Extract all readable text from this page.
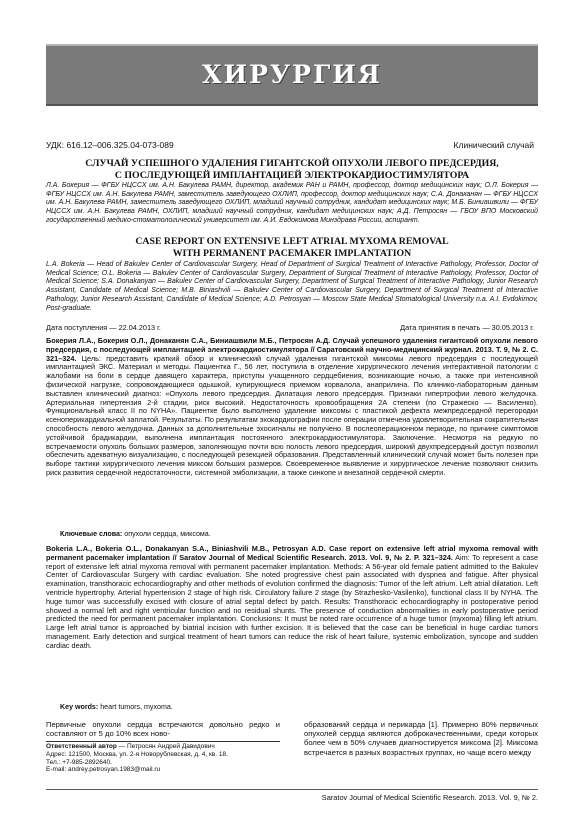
ХИРУРГИЯ

УДК: 616.12–006.325.04-073-089	Клинический случай

СЛУЧАЙ УСПЕШНОГО УДАЛЕНИЯ ГИГАНТСКОЙ ОПУХОЛИ ЛЕВОГО ПРЕДСЕРДИЯ,
С ПОСЛЕДУЮЩЕЙ ИМПЛАНТАЦИЕЙ ЭЛЕКТРОКАРДИОСТИМУЛЯТОРА

Л.А. Бокерия — ФГБУ НЦССХ им. А.Н. Бакулева РАМН, директор, академик РАН и РАМН, профессор, доктор медицинских наук; О.Л. Бокерия — ФГБУ НЦССХ им. А.Н. Бакулева РАМН, заместитель заведующего ОХЛИП, профессор, доктор медицинских наук; С.А. Донаканян — ФГБУ НЦССХ им. А.Н. Бакулева РАМН, заместитель заведующего ОХЛИП, младший научный сотрудник, кандидат медицинских наук; М.Б. Биниашвили — ФГБУ НЦССХ им. А.Н. Бакулева РАМН, ОХЛИП, младший научный сотрудник, кандидат медицинских наук; А.Д. Петросян — ГБОУ ВПО Московский государственный медико-стоматологический университет им. А.И. Евдокимова Минздрава России, аспирант.

CASE REPORT ON EXTENSIVE LEFT ATRIAL MYXOMA REMOVAL
WITH PERMANENT PACEMAKER IMPLANTATION

L.A. Bokeria — Head of Bakulev Center of Cardiovascular Surgery, Head of Department of Surgical Treatment of Interactive Pathology, Professor, Doctor of Medical Science; O.L. Bokeria — Bakulev Center of Cardiovascular Surgery, Department of Surgical Treatment of Interactive Pathology, Professor, Doctor of Medical Science; S.A. Donakanyan — Bakulev Center of Cardiovascular Surgery, Department of Surgical Treatment of Interactive Pathology, Junior Research Assistant, Candidate of Medical Science; M.B. Biniashvili — Bakulev Center of Cardiovascular Surgery, Department of Surgical Treatment of Interactive Pathology, Junior Research Assistant, Candidate of Medical Science; A.D. Petrosyan — Moscow State Medical Stomatological University n.a. A.I. Evdokimov, Post-graduate.

Дата поступления — 22.04.2013 г.	Дата принятия в печать — 30.05.2013 г.

Бокерия Л.А., Бокерия О.Л., Донаканян С.А., Биниашвили М.Б., Петросян А.Д. Случай успешного удаления гигантской опухоли левого предсердия, с последующей имплантацией электрокардиостимулятора // Саратовский научно-медицинский журнал. 2013. Т. 9, № 2. С. 321–324. Цель: представить краткий обзор и клинический случай удаления гигантской миксомы левого предсердия с последующей имплантацией ЭКС. Материал и методы. Пациентка Г., 56 лет, поступила в отделение хирургического лечения интерактивной патологии с жалобами на боли в сердце давящего характера, приступы учащенного сердцебиения, возникающие ночью, а также при интенсивной физической нагрузке, сопровождающиеся одышкой, купирующиеся приемом корвалола, анаприлина. По клинико-лабораторным данным выставлен клинический диагноз: «Опухоль левого предсердия. Дилатация левого предсердия. Признаки гипертрофии левого желудочка. Артериальная гипертензия 2-й стадии, риск высокий. Недостаточность кровообращения 2А степени (по Стражеско — Василенко). Функциональный класс II по NYHA». Пациентке было выполнено удаление миксомы с пластикой дефекта межпредсердной перегородки ксеноперикардиальной заплатой. Результаты. По результатам эхокардиографии после операции отмечена удовлетворительная сократительная способность левого желудочка. Данных за дополнительные эхосигналы не получено. В послеоперационном периоде, по причине симптомов устойчивой брадикардии, выполнена имплантация постоянного электрокардиостимулятора. Заключение. Несмотря на редкую по встречаемости опухоль больших размеров, заполняющую почти всю полость левого предсердия, широкий двухпредсердный доступ позволил обеспечить адекватную визуализацию, с последующей резекцией образования. Представленный клинический случай может быть полезен при выборе тактики хирургического лечения миксом больших размеров. Своевременное выявление и хирургическое лечение позволяют снизить риск развития сердечной недостаточности, системной эмболизации, а также синкопе и внезапной сердечной смерти.

Ключевые слова: опухоли сердца, миксома.

Bokeria L.A., Bokeria O.L., Donakanyan S.A., Biniashvili M.B., Petrosyan A.D. Case report on extensive left atrial myxoma removal with permanent pacemaker implantation // Saratov Journal of Medical Scientific Research. 2013. Vol. 9, № 2. P. 321–324. Aim: To represent a case report of extensive left atrial myxoma removal with permanent pacemaker implantation. Methods: A 56-year old female patient admitted to the Bakulev Center of Cardiovascular Surgery with cardiac evaluation. She noted progressive chest pain associated with dyspnea and fatigue. After physical examination, transthoracic echocardiography and other methods of evolution confirmed the diagnosis: Tumor of the left atrium. Left atrial dilatation. Left ventricle hypertrophy. Arterial hypertension 2 stage of high risk. Circulatory failure 2 stage (by Strazhesko-Vasilenko), functional class II by NYHA. The huge tumor was successfully excised with closure of atrial septal defect by patch. Results: Transthoracic echocardiography in postoperative period showed a normal left and right ventricular function and no residual shunts. The presence of conduction abnormalities in early postoperative period predicted the need for permanent pacemaker implantation. Conclusions: It must be noted rare occurrence of a huge tumor (myxoma) filling left atrium. Large left atrial tumor is approached by biatrial incision with further excision. It is believed that the case can be beneficial in huge cardiac tumors management. Early detection and surgical treatment of heart tumors can reduce the risk of heart failure, systemic embolization, syncope and sudden cardiac death.

Key words: heart tumors, myxoma.

Первичные опухоли сердца встречаются довольно редко и составляют от 5 до 10% всех ново-

образований сердца и перикарда [1]. Примерно 80% первичных опухолей сердца являются доброкачественными, среди которых более чем в 50% случаев диагностируется миксома [2]. Миксома встречается в разных возрастных группах, но чаще всего между

Ответственный автор — Петросян Андрей Давидович
Адрес: 121500, Москва, ул. 2-я Новорублевская, д. 4, кв. 18.
Тел.: +7-985-2892640.
E-mail: andrey.petrosyan.1983@mail.ru
Saratov Journal of Medical Scientific Research. 2013. Vol. 9, № 2.
